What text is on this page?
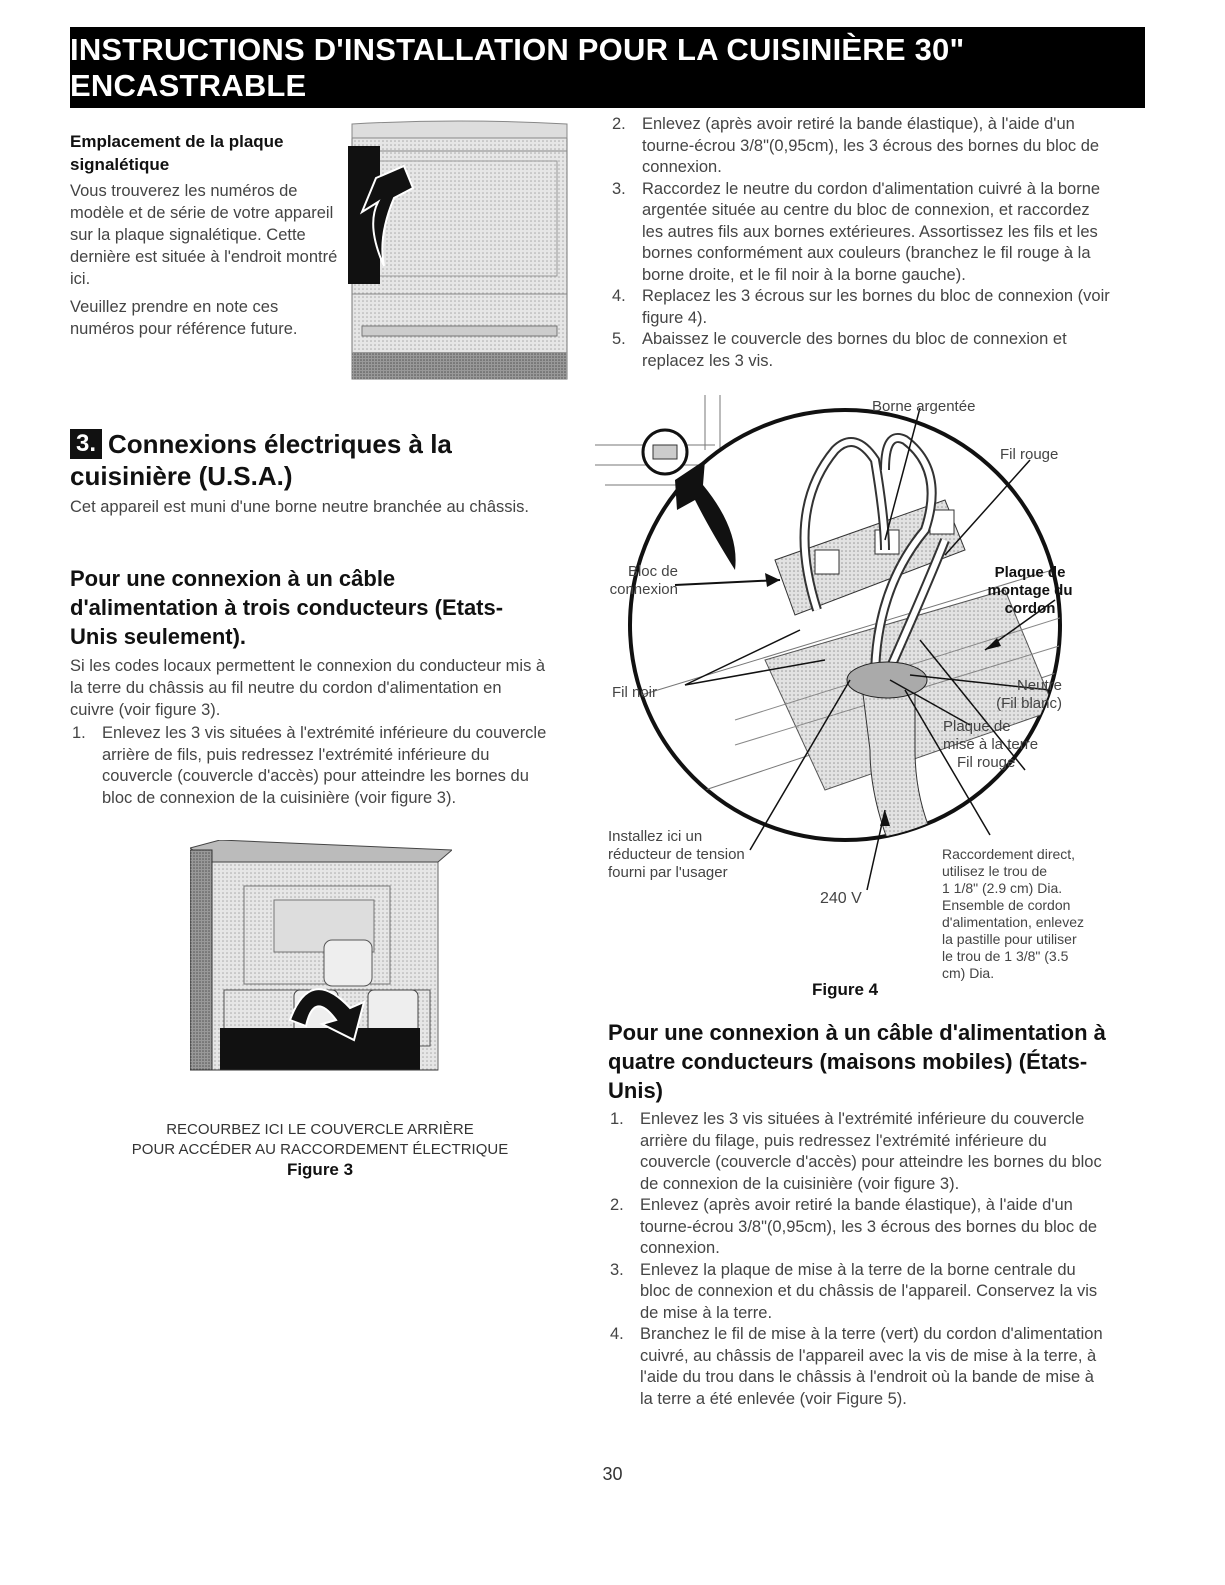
INSTRUCTIONS D'INSTALLATION POUR LA CUISINIÈRE 30" ENCASTRABLE
Emplacement de la plaque signalétique
Vous trouverez les numéros de modèle et de série de votre appareil sur la plaque signalétique. Cette dernière est située à l'endroit montré ici.
Veuillez prendre en note ces numéros pour référence future.
3. Connexions électriques à la cuisinière (U.S.A.)
Cet appareil est muni d'une borne neutre branchée au châssis.
Pour une connexion à un câble d'alimentation à trois conducteurs (Etats-Unis seulement).
Si les codes locaux permettent le connexion du conducteur mis à la terre du châssis au fil neutre du cordon d'alimentation en cuivre (voir figure 3).
1. Enlevez les 3 vis situées à l'extrémité inférieure du couvercle arrière de fils, puis redressez l'extrémité inférieure du couvercle (couvercle d'accès) pour atteindre les bornes du bloc de connexion de la cuisinière (voir figure 3).
RECOURBEZ ICI LE COUVERCLE ARRIÈRE
POUR ACCÉDER AU RACCORDEMENT ÉLECTRIQUE
Figure 3
2. Enlevez (après avoir retiré la bande élastique), à l'aide d'un tourne-écrou 3/8"(0,95cm), les 3 écrous des bornes du bloc de connexion.
3. Raccordez le neutre du cordon d'alimentation cuivré à la borne argentée située au centre du bloc de connexion, et raccordez les autres fils aux bornes extérieures. Assortissez les fils et les bornes conformément aux couleurs (branchez le fil rouge à la borne droite, et le fil noir à la borne gauche).
4. Replacez les 3 écrous sur les bornes du bloc de connexion (voir figure 4).
5. Abaissez le couvercle des bornes du bloc de connexion et replacez les 3 vis.
Borne argentée
Fil rouge
Bloc de
connexion
Plaque de
montage du
cordon
Fil noir	Neutre
(Fil blanc)
Plaque de
mise à la terre
Fil rouge
Installez ici un
réducteur de tension
fourni par l'usager
240 V
Raccordement direct,
utilisez le trou de
1 1/8" (2.9 cm) Dia.
Ensemble de cordon
d'alimentation, enlevez
la pastille pour utiliser
le trou de 1 3/8" (3.5
cm) Dia.
Figure 4
Pour une connexion à un câble d'alimentation à quatre conducteurs (maisons mobiles) (États-Unis)
1. Enlevez les 3 vis situées à l'extrémité inférieure du couvercle arrière du filage, puis redressez l'extrémité inférieure du couvercle (couvercle d'accès) pour atteindre les bornes du bloc de connexion de la cuisinière (voir figure 3).
2. Enlevez (après avoir retiré la bande élastique), à l'aide d'un tourne-écrou 3/8"(0,95cm), les 3 écrous des bornes du bloc de connexion.
3. Enlevez la plaque de mise à la terre de la borne centrale du bloc de connexion et du châssis de l'appareil. Conservez la vis de mise à la terre.
4. Branchez le fil de mise à la terre (vert) du cordon d'alimentation cuivré, au châssis de l'appareil avec la vis de mise à la terre, à l'aide du trou dans le châssis à l'endroit où la bande de mise à la terre a été enlevée (voir Figure 5).
30
